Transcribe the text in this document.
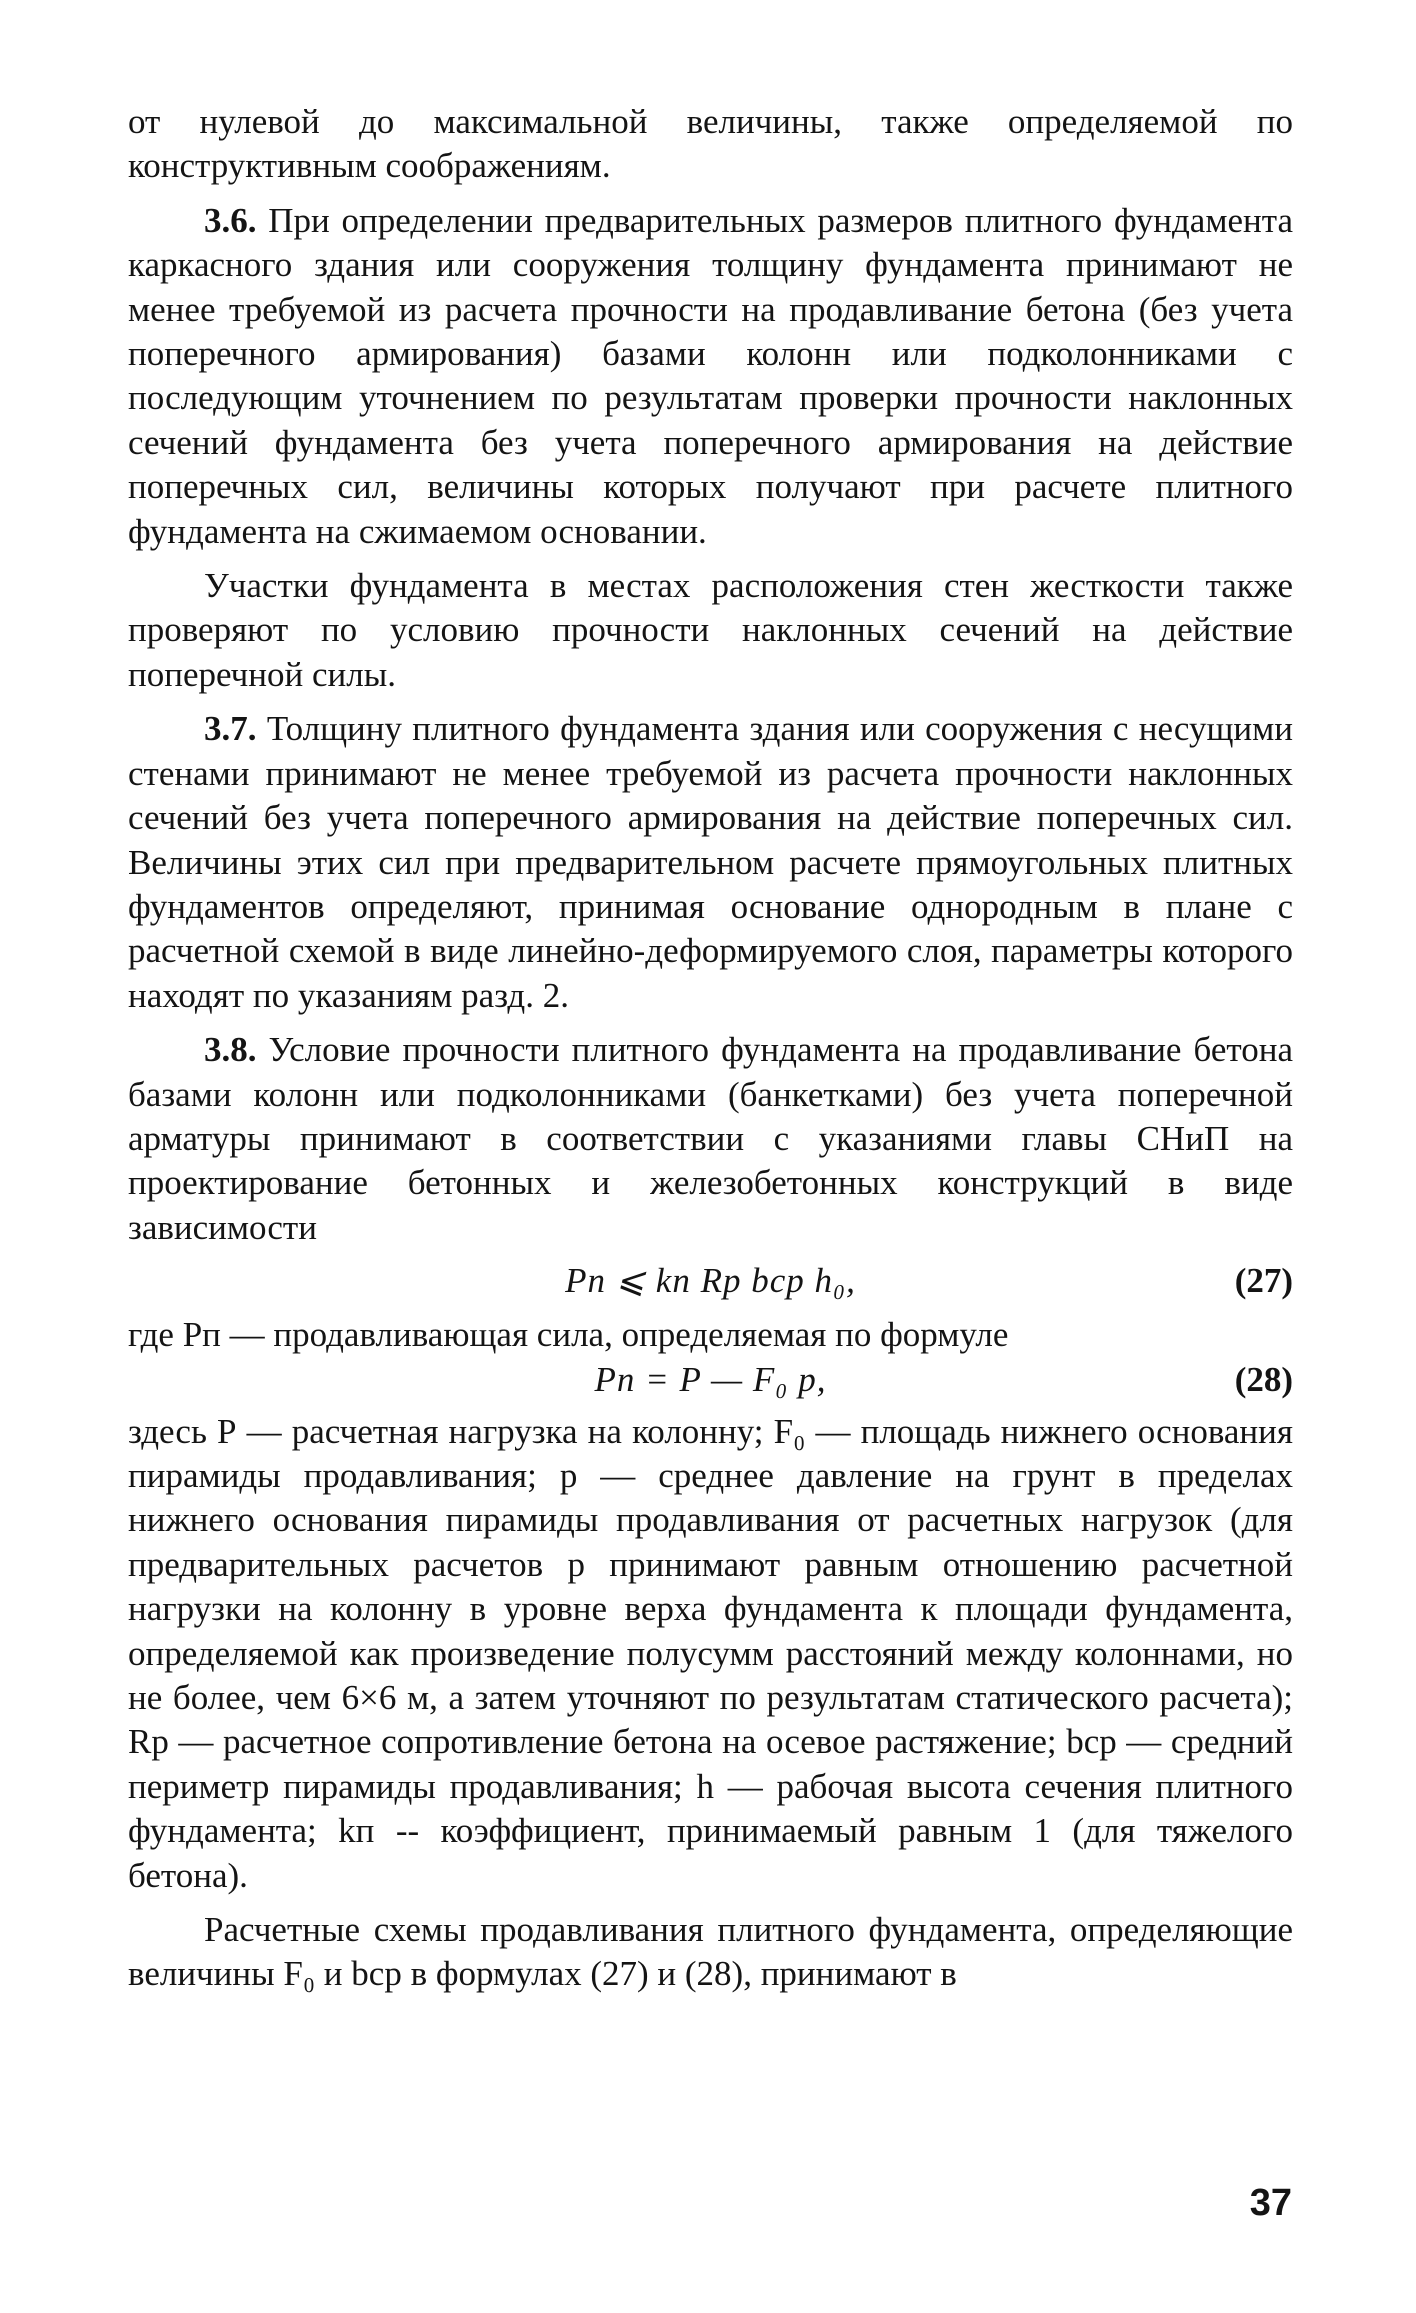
от нулевой до максимальной величины, также определяемой по конструктивным соображениям.

3.6. При определении предварительных размеров плитного фундамента каркасного здания или сооружения толщину фундамента принимают не менее требуемой из расчета прочности на продавливание бетона (без учета поперечного армирования) базами колонн или подколонниками с последующим уточнением по результатам проверки прочности наклонных сечений фундамента без учета поперечного армирования на действие поперечных сил, величины которых получают при расчете плитного фундамента на сжимаемом основании.

Участки фундамента в местах расположения стен жесткости также проверяют по условию прочности наклонных сечений на действие поперечной силы.

3.7. Толщину плитного фундамента здания или сооружения с несущими стенами принимают не менее требуемой из расчета прочности наклонных сечений без учета поперечного армирования на действие поперечных сил. Величины этих сил при предварительном расчете прямоугольных плитных фундаментов определяют, принимая основание однородным в плане с расчетной схемой в виде линейно-деформируемого слоя, параметры которого находят по указаниям разд. 2.

3.8. Условие прочности плитного фундамента на продавливание бетона базами колонн или подколонниками (банкетками) без учета поперечной арматуры принимают в соответствии с указаниями главы СНиП на проектирование бетонных и железобетонных конструкций в виде зависимости

Pп ⩽ kп Rр bср h₀,	(27)

где Рп — продавливающая сила, определяемая по формуле

Pп = P — F₀ p,	(28)

здесь Р — расчетная нагрузка на колонну; F₀ — площадь нижнего основания пирамиды продавливания; р — среднее давление на грунт в пределах нижнего основания пирамиды продавливания от расчетных нагрузок (для предварительных расчетов р принимают равным отношению расчетной нагрузки на колонну в уровне верха фундамента к площади фундамента, определяемой как произведение полусумм расстояний между колоннами, но не более, чем 6×6 м, а затем уточняют по результатам статического расчета); Rр — расчетное сопротивление бетона на осевое растяжение; bср — средний периметр пирамиды продавливания; h — рабочая высота сечения плитного фундамента; kп -- коэффициент, принимаемый равным 1 (для тяжелого бетона).

Расчетные схемы продавливания плитного фундамента, определяющие величины F₀ и bср в формулах (27) и (28), принимают в

37
